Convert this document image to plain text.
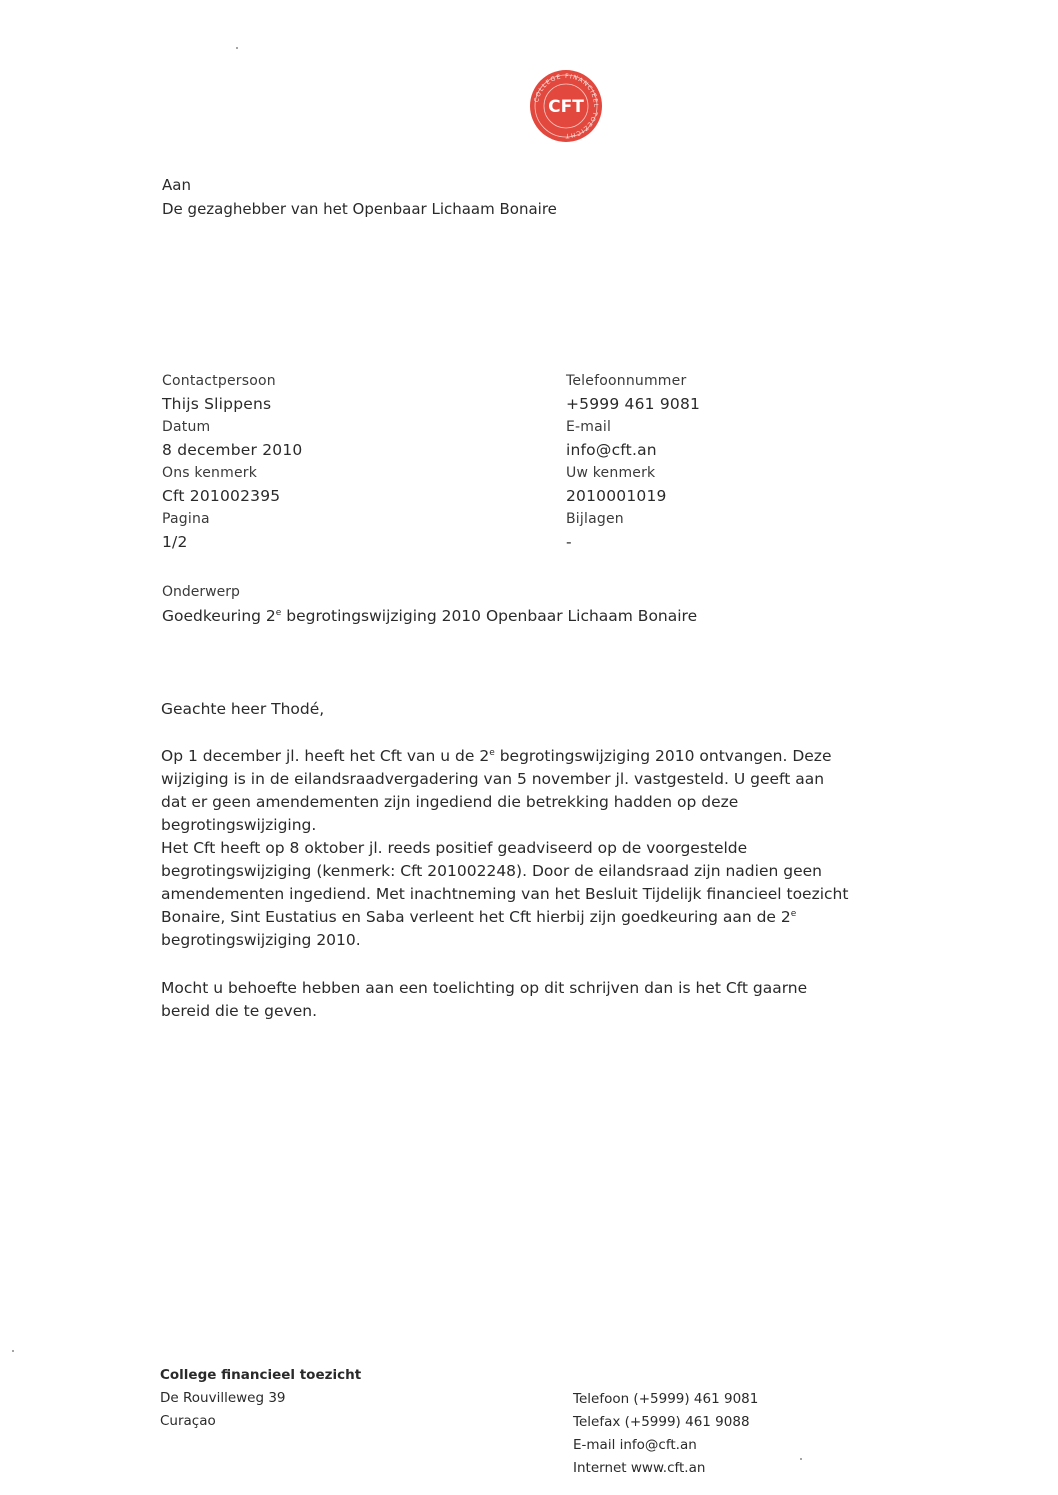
COLLEGE FINANCIEEL TOEZICHT
CFT
Aan
De gezaghebber van het Openbaar Lichaam Bonaire
Contactpersoon
Thijs Slippens
Datum
8 december 2010
Ons kenmerk
Cft 201002395
Pagina
1/2
Telefoonnummer
+5999 461 9081
E-mail
info@cft.an
Uw kenmerk
2010001019
Bijlagen
-
Onderwerp
Goedkeuring 2e begrotingswijziging 2010 Openbaar Lichaam Bonaire
Geachte heer Thodé,

Op 1 december jl. heeft het Cft van u de 2e begrotingswijziging 2010 ontvangen. Deze

wijziging is in de eilandsraadvergadering van 5 november jl. vastgesteld. U geeft aan

dat er geen amendementen zijn ingediend die betrekking hadden op deze

begrotingswijziging.

Het Cft heeft op 8 oktober jl. reeds positief geadviseerd op de voorgestelde

begrotingswijziging (kenmerk: Cft 201002248). Door de eilandsraad zijn nadien geen

amendementen ingediend. Met inachtneming van het Besluit Tijdelijk financieel toezicht

Bonaire, Sint Eustatius en Saba verleent het Cft hierbij zijn goedkeuring aan de 2e

begrotingswijziging 2010.

Mocht u behoefte hebben aan een toelichting op dit schrijven dan is het Cft gaarne

bereid die te geven.

College financieel toezicht
De Rouvilleweg 39
Curaçao
Telefoon (+5999) 461 9081
Telefax (+5999) 461 9088
E-mail info@cft.an
Internet www.cft.an
